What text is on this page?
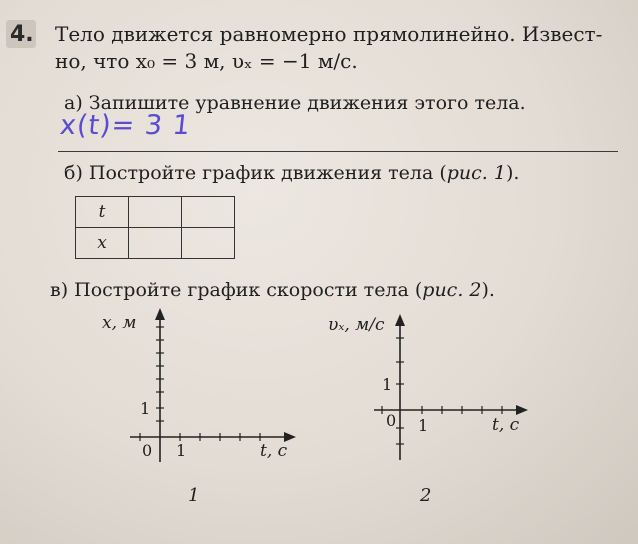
4. Тело движется равномерно прямолинейно. Извест-
но, что x₀ = 3 м, υₓ = −1 м/с.
а) Запишите уравнение движения этого тела.
x(t)= 3 1
б) Постройте график движения тела (рис. 1).
t		
x		
в) Постройте график скорости тела (рис. 2).
x, м
1
0 1	t, с
υₓ, м/с
1
0 1	t, с
1	2
